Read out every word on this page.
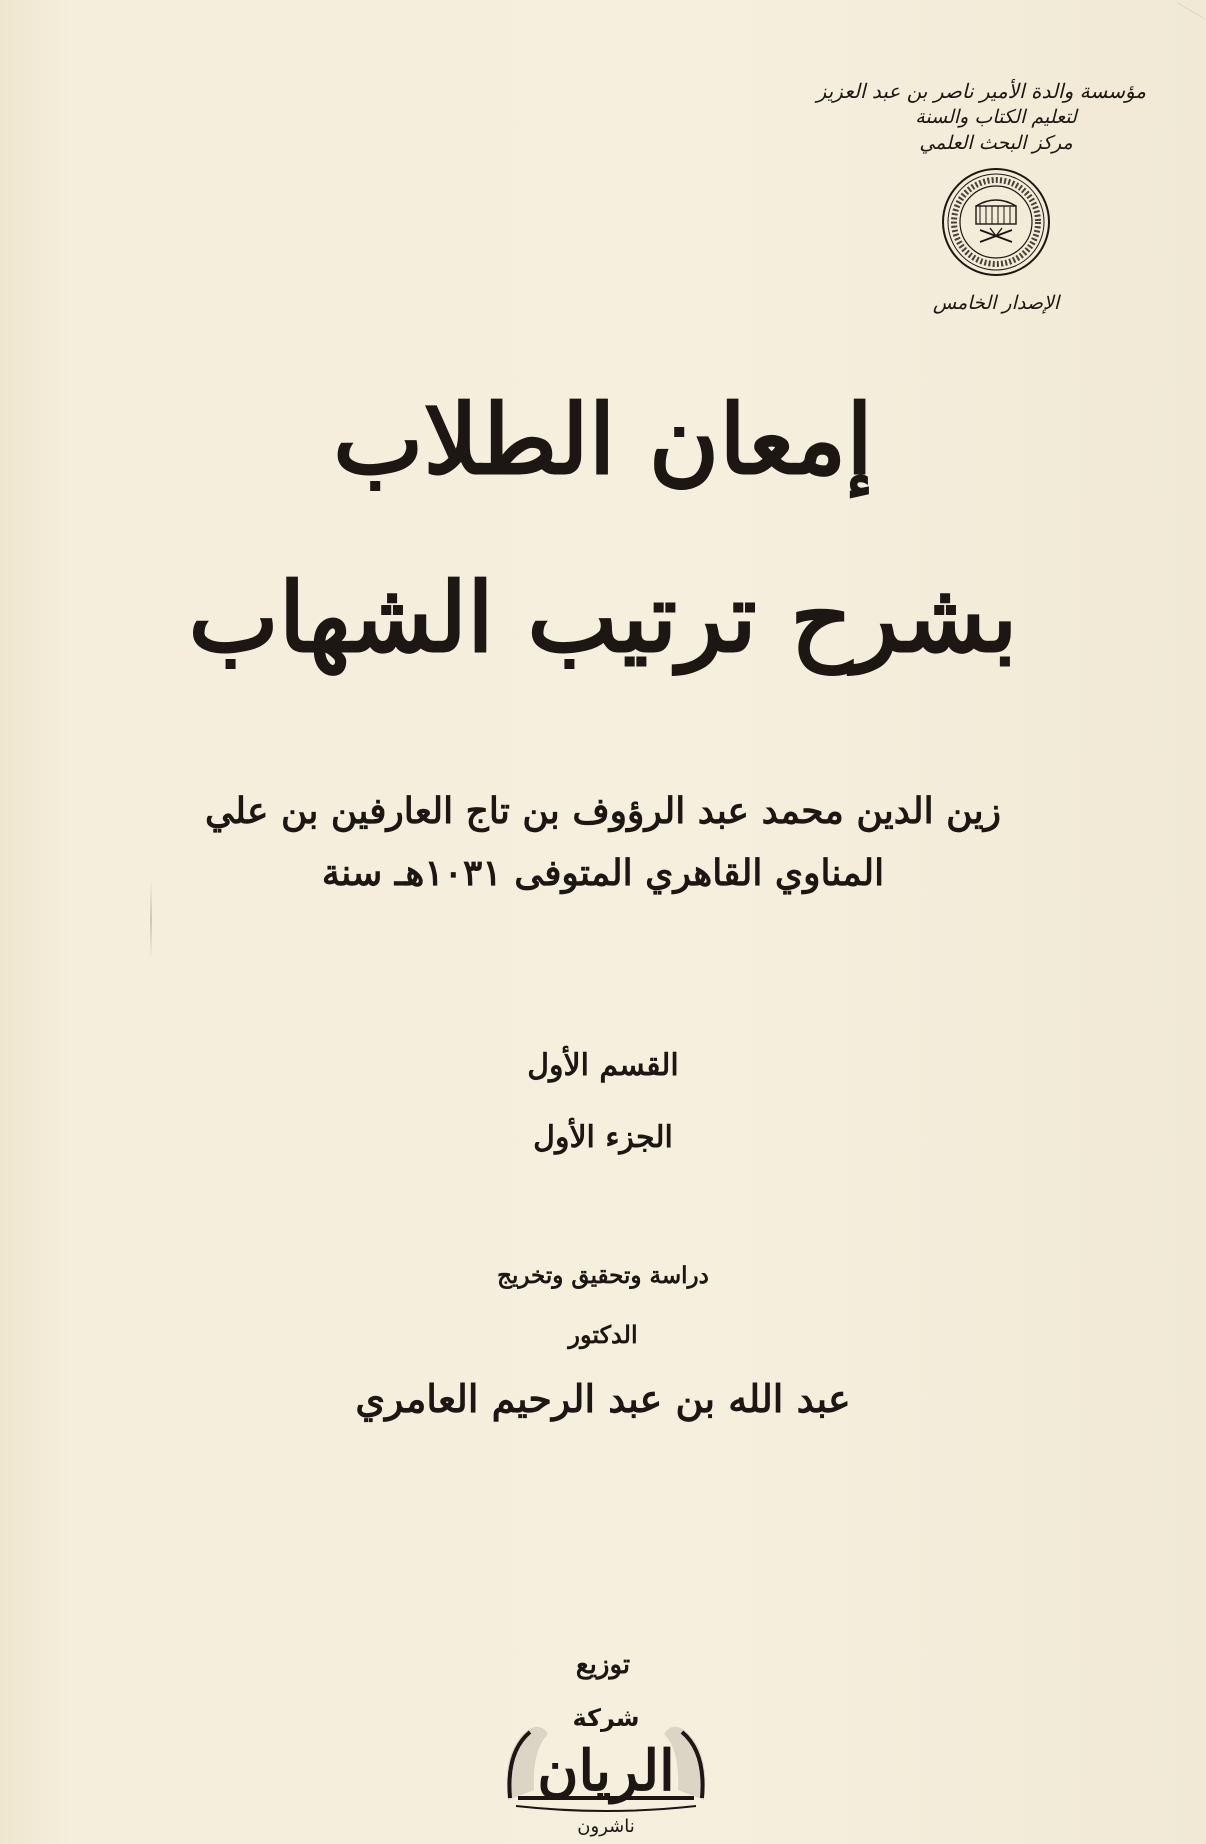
مؤسسة والدة الأمير ناصر بن عبد العزيز
لتعليم الكتاب والسنة
مركز البحث العلمي
الإصدار الخامس
إمعان الطلاب
بشرح ترتيب الشهاب
زين الدين محمد عبد الرؤوف بن تاج العارفين بن علي
المناوي القاهري المتوفى ١٠٣١هـ سنة
القسم الأول
الجزء الأول
دراسة وتحقيق وتخريج
الدكتور
عبد الله بن عبد الرحيم العامري
توزيع
شركة
الريان
ناشرون
